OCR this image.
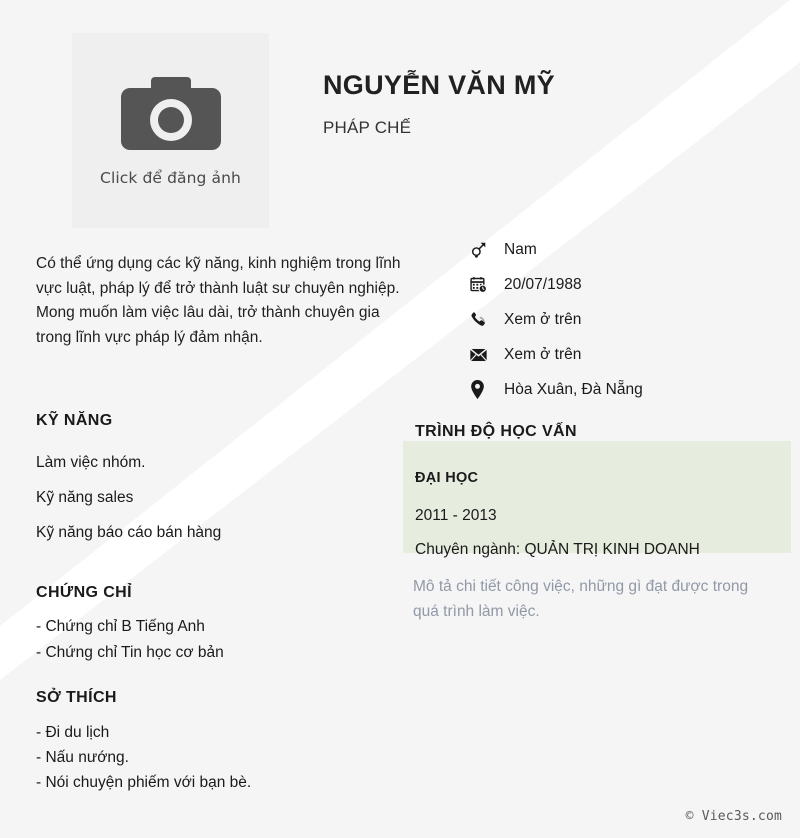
Click để đăng ảnh
NGUYỄN VĂN MỸ
PHÁP CHẾ
Có thể ứng dụng các kỹ năng, kinh nghiệm trong lĩnh vực luật, pháp lý để trở thành luật sư chuyên nghiệp. Mong muốn làm việc lâu dài, trở thành chuyên gia trong lĩnh vực pháp lý đảm nhận.
Nam
20/07/1988
Xem ở trên
Xem ở trên
Hòa Xuân, Đà Nẵng
KỸ NĂNG
Làm việc nhóm.
Kỹ năng sales
Kỹ năng báo cáo bán hàng
CHỨNG CHỈ
- Chứng chỉ B Tiếng Anh
- Chứng chỉ Tin học cơ bản
SỞ THÍCH
- Đi du lịch
- Nấu nướng.
- Nói chuyện phiếm với bạn bè.
TRÌNH ĐỘ HỌC VẤN
ĐẠI HỌC
2011 - 2013
Chuyên ngành: QUẢN TRỊ KINH DOANH
Mô tả chi tiết công việc, những gì đạt được trong quá trình làm việc.
© Viec3s.com
